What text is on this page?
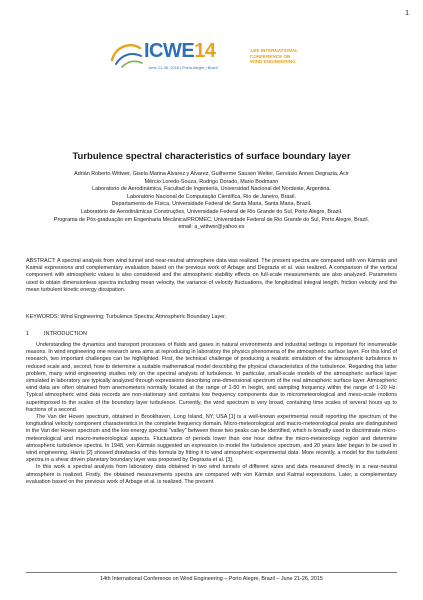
1
ICWE14
June 21-26, 2015 | Porto Alegre | Brazil
14th INTERNATIONAL
CONFERENCE ON
WIND ENGINEERING
Turbulence spectral characteristics of surface boundary layer
Adrián Roberto Wittwer, Gisela Marina Alvarez y Alvarez, Guilherme Sausen Welter, Gervásio Annes Degrazia, Acir
Mércio Loredo-Souza, Rodrigo Dorado, Mario Bodmann
Laboratorio de Aerodinámica, Facultad de Ingeniería, Universidad Nacional del Nordeste, Argentina.
Laboratório Nacional de Computação Científica, Rio de Janeiro, Brasil.
Departamento de Física, Universidade Federal de Santa Maria, Santa Maria, Brazil.
Laboratório de Aerodinâmicas Construções, Universidade Federal de Rio Grande do Sul, Porto Alegre, Brazil.
Programa de Pós-graduação em Engenharia Mecânica/PROMEC, Universidade Federal de Rio Grande do Sul, Porto Alegre, Brazil.
email: a_wittwer@yahoo.es
ABSTRACT: A spectral analysis from wind tunnel and near-neutral atmosphere data was realized. The present spectra are compared with von Kármán and Kaimal expressions and complementary evaluation based on the previous work of Arbage and Degrazia et al. was realized. A comparison of the vertical component with atmospheric values is also considered and the atmospheric stability effects on full-scale measurements are also analyzed. Parameters used to obtain dimensionless spectra including mean velocity, the variance of velocity fluctuations, the longitudinal integral length, friction velocity and the mean turbulent kinetic energy dissipation.
KEYWORDS: Wind Engineering; Turbulence Spectra; Atmospheric Boundary Layer.
1	INTRODUCTION

Understanding the dynamics and transport processes of fluids and gases in natural environments and industrial settings is important for innumerable reasons. In wind engineering one research area aims at reproducing in laboratory the physics phenomena of the atmospheric surface layer. For this kind of research, two important challenges can be highlighted. First, the technical challenge of producing a realistic simulation of the atmospheric turbulence in reduced scale and, second, how to determine a suitable mathematical model describing the physical characteristics of the turbulence. Regarding this latter problem, many wind engineering studies rely on the spectral analysis of turbulence. In particular, small-scale models of the atmospheric surface layer simulated in laboratory are typically analyzed through expressions describing one-dimensional spectrum of the real atmospheric surface layer. Atmospheric wind data are often obtained from anemometers normally located at the range of 1-50 m height, and sampling frequency within the range of 1-20 Hz. Typical atmospheric wind data records are non-stationary and contains low frequency components due to micrometeorological and meso-scale motions superimposed to the scales of the boundary layer turbulence. Currently, the wind spectrum is very broad, containing time scales of several hours up to fractions of a second.

The Van der Hoven spectrum, obtained in Brookhaven, Long Island, NY, USA [1] is a well-known experimental result reporting the spectrum of the longitudinal velocity component characteristics in the complete frequency domain. Micro-meteorological and macro-meteorological peaks are distinguished in the Van der Hoven spectrum and the low energy spectral "valley" between these two peaks can be identified, which is broadly used to discriminate micro-meteorological and macro-meteorological aspects. Fluctuations of periods lower than one hour define the micro-meteorology region and determine atmospheric turbulence spectra. In 1948, von Kármán suggested an expression to model the turbulence spectrum, and 20 years later began to be used in wind engineering. Harris [2] showed drawbacks of this formula by fitting it to wind atmospheric experimental data. More recently, a model for the turbulent spectra in a shear driven planetary boundary layer was proposed by Degrazia et al. [3].

In this work a spectral analysis from laboratory data obtained in two wind tunnels of different sizes and data measured directly in a near-neutral atmosphere is realized. Firstly, the obtained measurements spectra are compared with von Kármán and Kaimal expressions. Later, a complementary evaluation based on the previous work of Arbage et al. is realized. The present

14th International Conference on Wind Engineering – Porto Alegre, Brazil – June 21-26, 2015
